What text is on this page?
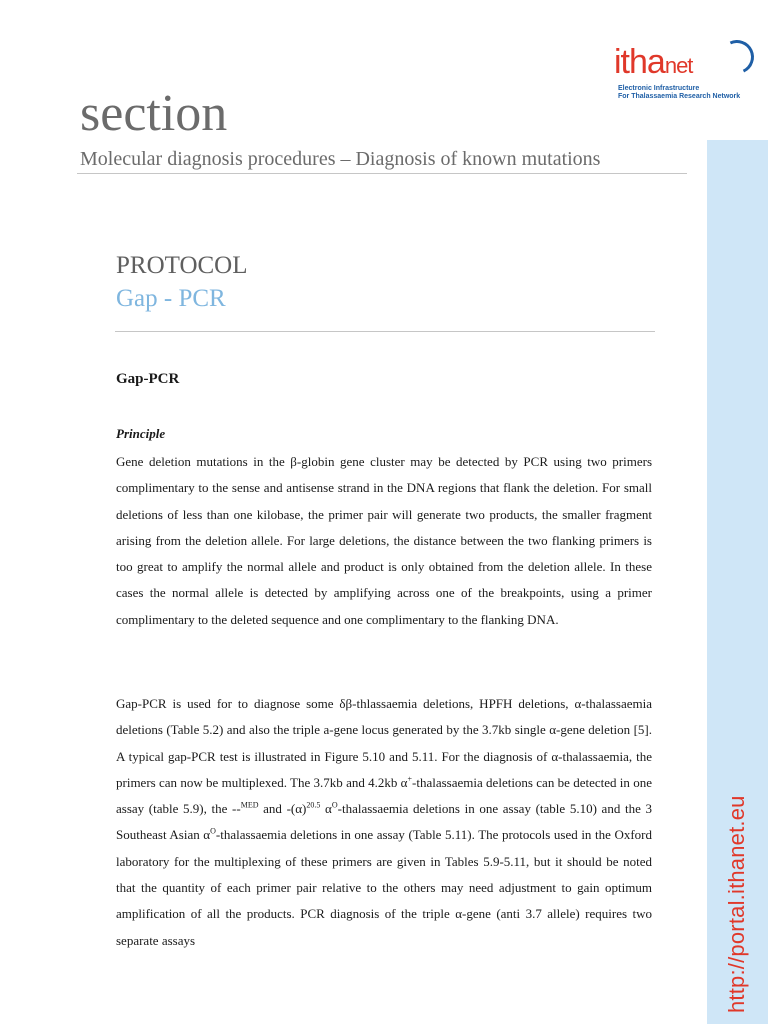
http://portal.ithanet.eu
ithanet
Electronic Infrastructure
For Thalassaemia Research Network
section
Molecular diagnosis procedures – Diagnosis of known mutations
PROTOCOL
Gap - PCR
Gap-PCR
Principle
Gene deletion mutations in the β-globin gene cluster may be detected by PCR using two primers complimentary to the sense and antisense strand in the DNA regions that flank the deletion. For small deletions of less than one kilobase, the primer pair will generate two products, the smaller fragment arising from the deletion allele. For large deletions, the distance between the two flanking primers is too great to amplify the normal allele and product is only obtained from the deletion allele. In these cases the normal allele is detected by amplifying across one of the breakpoints, using a primer complimentary to the deleted sequence and one complimentary to the flanking DNA.
Gap-PCR is used for to diagnose some δβ-thlassaemia deletions, HPFH deletions, α-thalassaemia deletions (Table 5.2) and also the triple a-gene locus generated by the 3.7kb single α-gene deletion [5]. A typical gap-PCR test is illustrated in Figure 5.10 and 5.11. For the diagnosis of α-thalassaemia, the primers can now be multiplexed. The 3.7kb and 4.2kb α+-thalassaemia deletions can be detected in one assay (table 5.9), the --$^{MED}$ and $-(\alpha)^{20.5}$ $\alpha^O$-thalassaemia deletions in one assay (table 5.10) and the 3 Southeast Asian $\alpha^O$-thalassaemia deletions in one assay (Table 5.11). The protocols used in the Oxford laboratory for the multiplexing of these primers are given in Tables 5.9-5.11, but it should be noted that the quantity of each primer pair relative to the others may need adjustment to gain optimum amplification of all the products. PCR diagnosis of the triple α-gene (anti 3.7 allele) requires two separate assays
